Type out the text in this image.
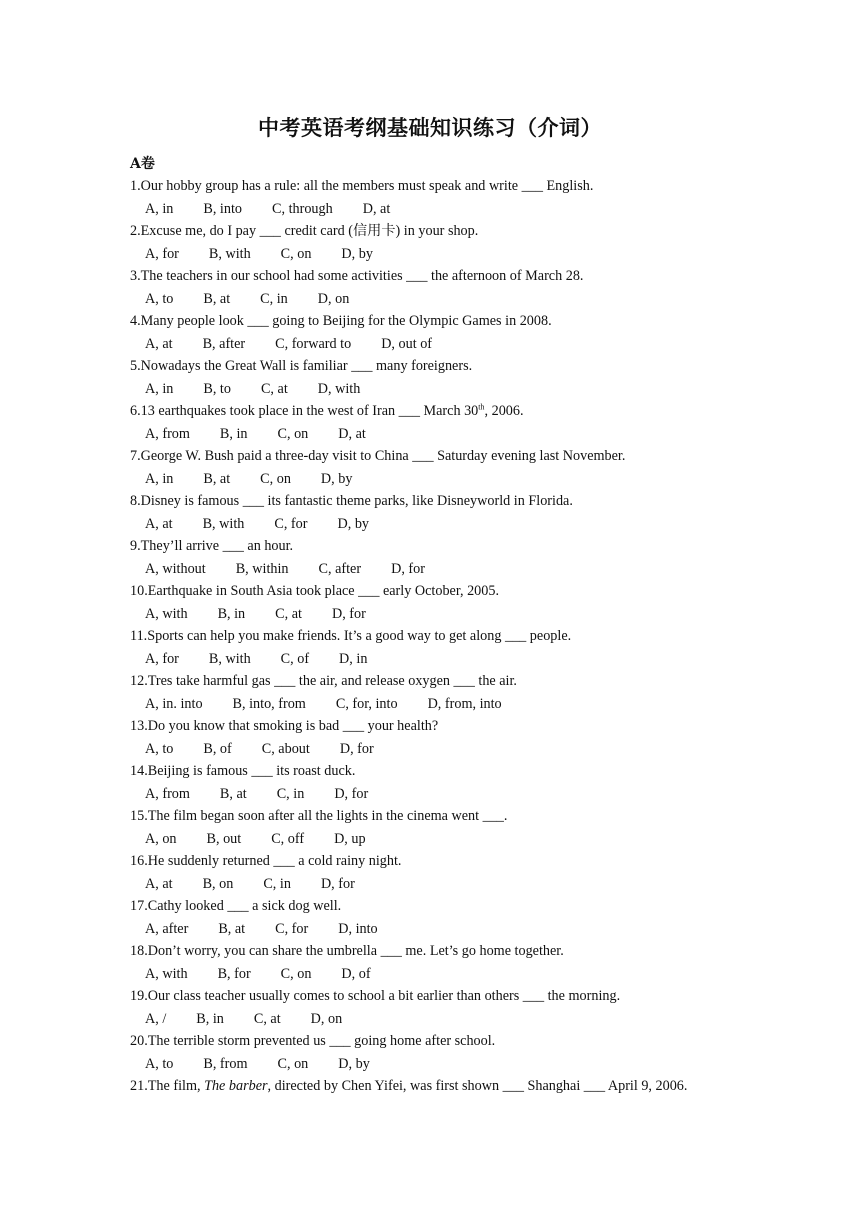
中考英语考纲基础知识练习（介词）
A卷
1.Our hobby group has a rule: all the members must speak and write ___ English.
A, in B, into C, through D, at
2.Excuse me, do I pay ___ credit card (信用卡) in your shop.
A, for B, with C, on D, by
3.The teachers in our school had some activities ___ the afternoon of March 28.
A, to B, at C, in D, on
4.Many people look ___ going to Beijing for the Olympic Games in 2008.
A, at B, after C, forward to D, out of
5.Nowadays the Great Wall is familiar ___ many foreigners.
A, in B, to C, at D, with
6.13 earthquakes took place in the west of Iran ___ March 30th, 2006.
A, from B, in C, on D, at
7.George W. Bush paid a three-day visit to China ___ Saturday evening last November.
A, in B, at C, on D, by
8.Disney is famous ___ its fantastic theme parks, like Disneyworld in Florida.
A, at B, with C, for D, by
9.They’ll arrive ___ an hour.
A, without B, within C, after D, for
10.Earthquake in South Asia took place ___ early October, 2005.
A, with B, in C, at D, for
11.Sports can help you make friends. It’s a good way to get along ___ people.
A, for B, with C, of D, in
12.Tres take harmful gas ___ the air, and release oxygen ___ the air.
A, in. into B, into, from C, for, into D, from, into
13.Do you know that smoking is bad ___ your health?
A, to B, of C, about D, for
14.Beijing is famous ___ its roast duck.
A, from B, at C, in D, for
15.The film began soon after all the lights in the cinema went ___.
A, on B, out C, off D, up
16.He suddenly returned ___ a cold rainy night.
A, at B, on C, in D, for
17.Cathy looked ___ a sick dog well.
A, after B, at C, for D, into
18.Don’t worry, you can share the umbrella ___ me. Let’s go home together.
A, with B, for C, on D, of
19.Our class teacher usually comes to school a bit earlier than others ___ the morning.
A, / B, in C, at D, on
20.The terrible storm prevented us ___ going home after school.
A, to B, from C, on D, by
21.The film, The barber, directed by Chen Yifei, was first shown ___ Shanghai ___ April 9, 2006.
